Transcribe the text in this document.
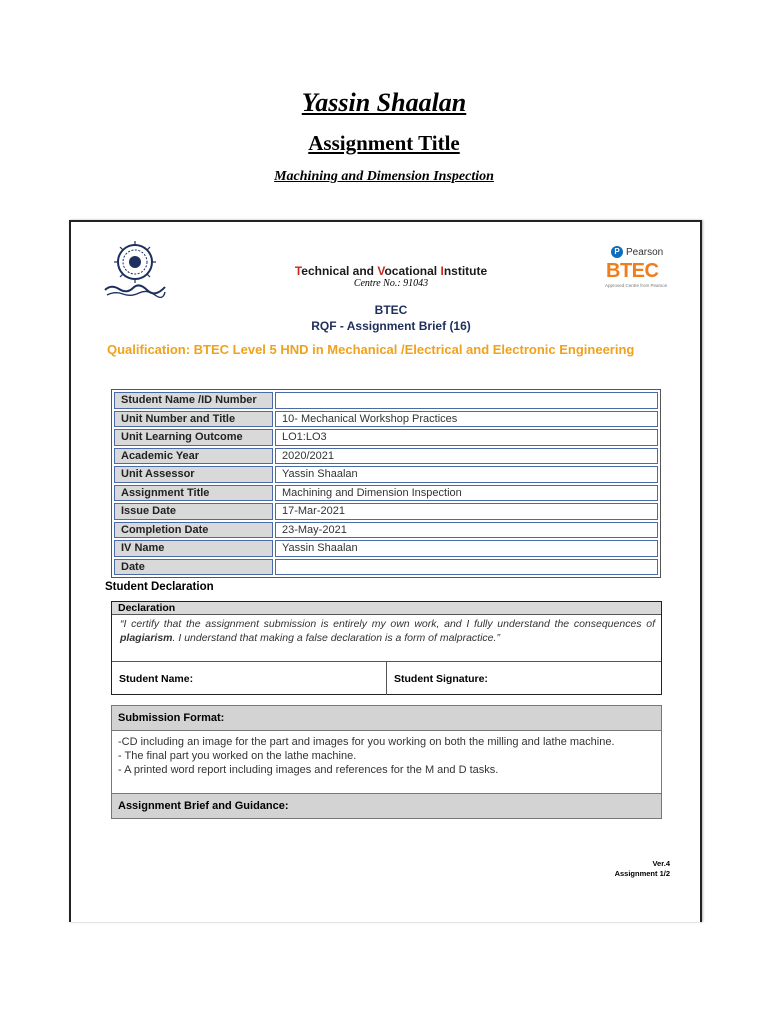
Yassin Shaalan
Assignment Title
Machining and Dimension Inspection
Technical and Vocational Institute
Centre No.: 91043
P Pearson
BTEC
Approved Centre from Pearson
BTEC
RQF - Assignment Brief (16)
Qualification: BTEC Level 5 HND in Mechanical /Electrical and Electronic Engineering
Student Name /ID Number	
Unit Number and Title	10- Mechanical Workshop Practices
Unit Learning Outcome	LO1:LO3
Academic Year	2020/2021
Unit Assessor	Yassin Shaalan
Assignment Title	Machining and Dimension Inspection
Issue Date	17-Mar-2021
Completion Date	23-May-2021
IV Name	Yassin Shaalan
Date	
Student Declaration
Declaration
“I certify that the assignment submission is entirely my own work, and I fully understand the consequences of plagiarism. I understand that making a false declaration is a form of malpractice.”
Student Name:	Student Signature:
Submission Format:
-CD including an image for the part and images for you working on both the milling and lathe machine.
- The final part you worked on the lathe machine.
- A printed word report including images and references for the M and D tasks.
Assignment Brief and Guidance:
Ver.4
Assignment 1/2
